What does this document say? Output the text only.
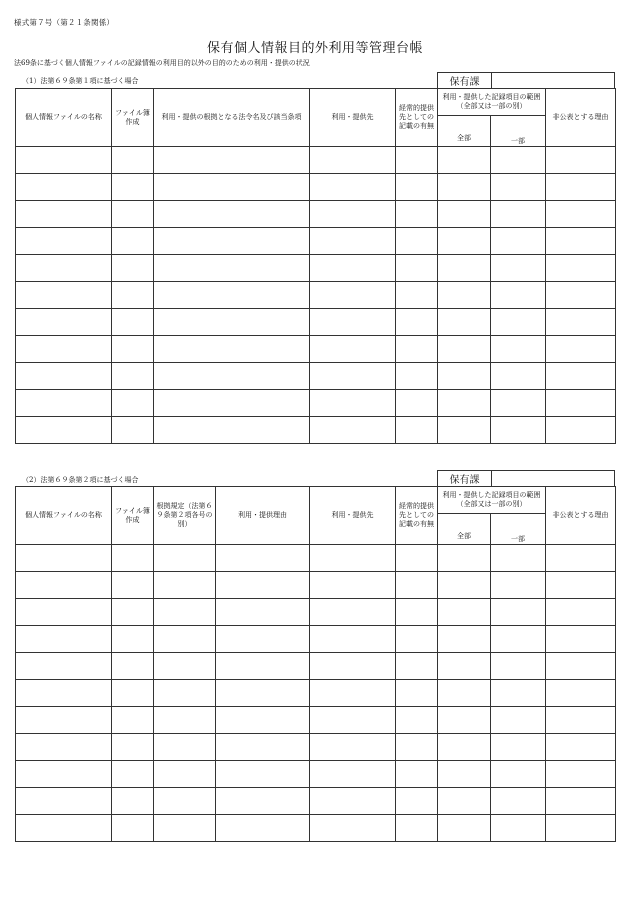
様式第７号（第２１条関係）
保有個人情報目的外利用等管理台帳
法69条に基づく個人情報ファイルの記録情報の利用目的以外の目的のための利用・提供の状況
（1）法第６９条第１項に基づく場合	保有課
個人情報ファイルの名称	ファイル簿作成	利用・提供の根拠となる法令名及び該当条項	利用・提供先	経常的提供先としての記載の有無	利用・提供した記録項目の範囲（全部又は一部の別）		非公表とする理由
					全部	一部	

（2）法第６９条第２項に基づく場合	保有課
個人情報ファイルの名称	ファイル簿作成	根拠規定（法第６９条第２項各号の別）	利用・提供理由	利用・提供先	経常的提供先としての記載の有無	利用・提供した記録項目の範囲（全部又は一部の別）		非公表とする理由
						全部	一部	
